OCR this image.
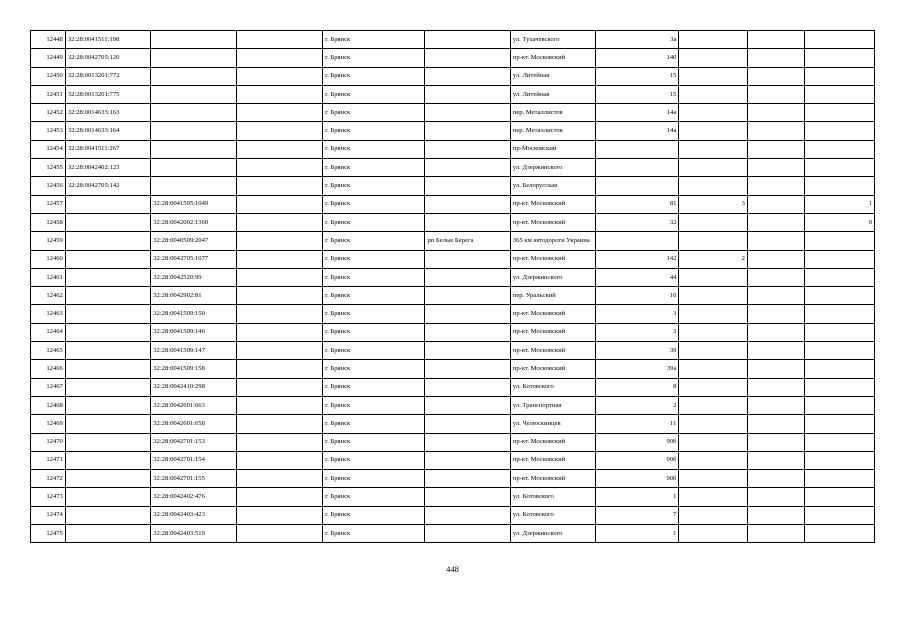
12448	32:28:0041511:198			г. Брянск		ул. Тухачевского	3а			
12449	32:28:0042705:120			г. Брянск		пр-кт. Московский	140			
12450	32:28:0013201:772			г. Брянск		ул. Литейная	15			
12451	32:28:0013201:775			г. Брянск		ул. Литейная	15			
12452	32:28:0014633:163			г. Брянск		пер. Металлистов	14а			
12453	32:28:0014633:164			г. Брянск		пер. Металлистов	14а			
12454	32:28:0041511:267			г. Брянск		пр-Московский				
12455	32:28:0042402:123			г. Брянск		ул. Дзержинского				
12456	32:28:0042705:142			г. Брянск		ул. Белорусская				
12457		32:28:0041505:1049		г. Брянск		пр-кт. Московский	81	3		1
12458		32:28:0042002:1360		г. Брянск		пр-кт. Московский	32			0
12459		32:28:0040509:2047		г. Брянск	рп Белые Берега	365 км автодороги Украина				
12460		32:28:0042705:1077		г. Брянск		пр-кт. Московский	142	2		
12461		32:28:0042520:99		г. Брянск		ул. Дзержинского	44			
12462		32:28:0042902:81		г. Брянск		пер. Уральский	10			
12463		32:28:0041509:150		г. Брянск		пр-кт. Московский	3			
12464		32:28:0041509:146		г. Брянск		пр-кт. Московский	3			
12465		32:28:0041509:147		г. Брянск		пр-кт. Московский	39			
12466		32:28:0041509:158		г. Брянск		пр-кт. Московский	39а			
12467		32:28:0042410:298		г. Брянск		ул. Котовского	8			
12468		32:28:0042601:663		г. Брянск		ул. Транспортная	2			
12469		32:28:0042601:658		г. Брянск		ул. Челюскинцев	11			
12470		32:28:0042701:153		г. Брянск		пр-кт. Московский	90б			
12471		32:28:0042701:154		г. Брянск		пр-кт. Московский	90б			
12472		32:28:0042701:155		г. Брянск		пр-кт. Московский	90б			
12473		32:28:0042402:476		г. Брянск		ул. Котовского	1			
12474		32:28:0042403:423		г. Брянск		ул. Котовского	7			
12475		32:28:0042403:519		г. Брянск		ул. Дзержинского	1			
448
